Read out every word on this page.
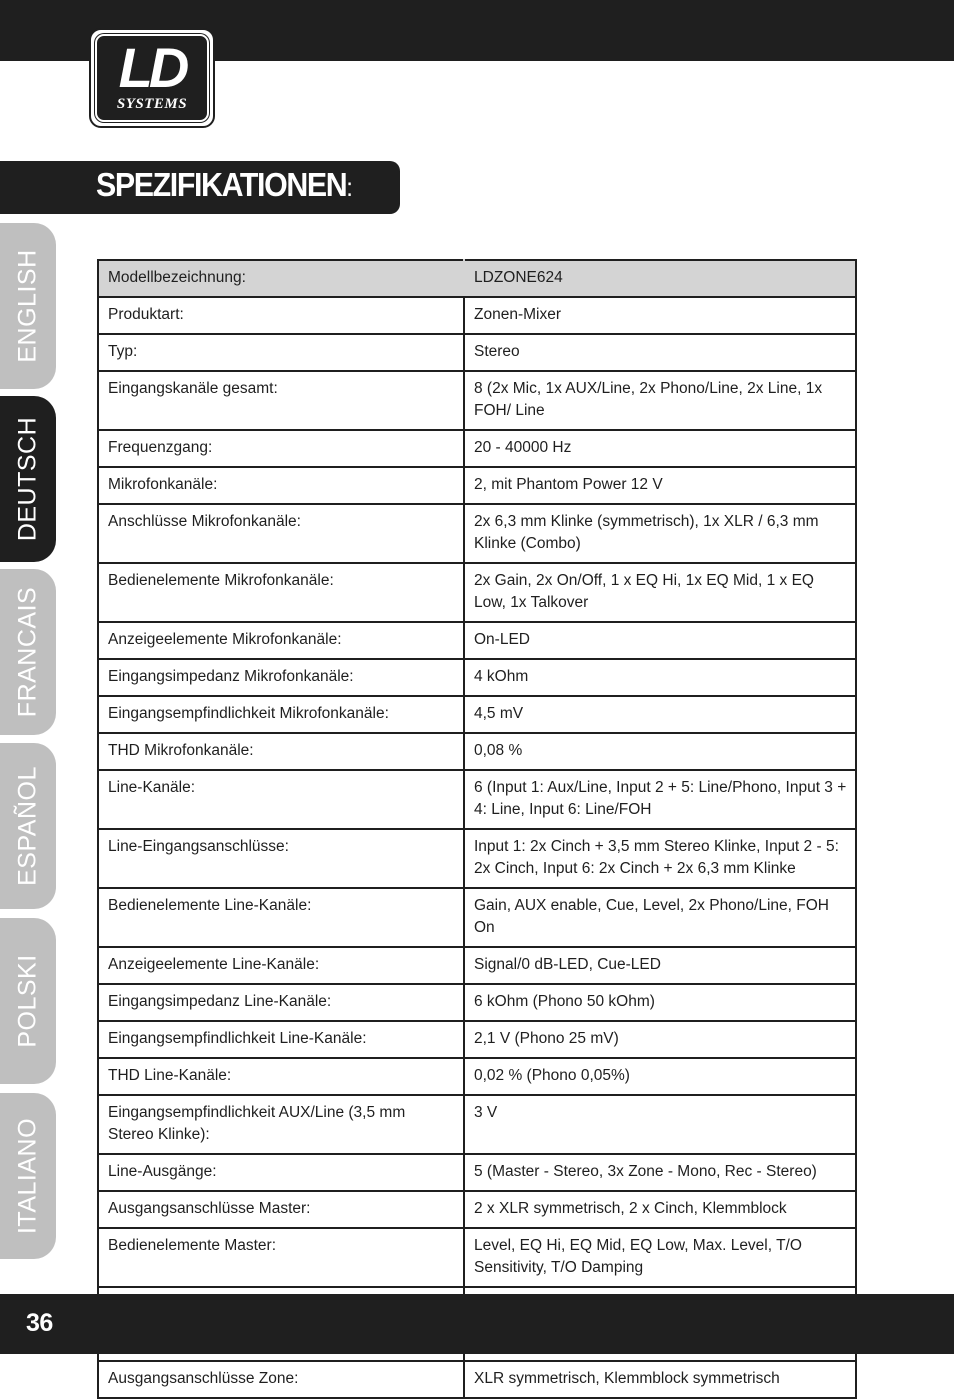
LD
SYSTEMS
SPEZIFIKATIONEN:
ENGLISH
DEUTSCH
FRANCAIS
ESPAÑOL
POLSKI
ITALIANO
Modellbezeichnung:	LDZONE624
Produktart:	Zonen-Mixer
Typ:	Stereo
Eingangskanäle gesamt:	8 (2x Mic, 1x AUX/Line, 2x Phono/Line, 2x Line, 1x FOH/ Line
Frequenzgang:	20 - 40000 Hz
Mikrofonkanäle:	2, mit Phantom Power 12 V
Anschlüsse Mikrofonkanäle:	2x 6,3 mm Klinke (symmetrisch), 1x XLR / 6,3 mm Klinke (Combo)
Bedienelemente Mikrofonkanäle:	2x Gain, 2x On/Off, 1 x EQ Hi, 1x EQ Mid, 1 x EQ Low, 1x Talkover
Anzeigeelemente Mikrofonkanäle:	On-LED
Eingangsimpedanz Mikrofonkanäle:	4 kOhm
Eingangsempfindlichkeit Mikrofonkanäle:	4,5 mV
THD Mikrofonkanäle:	0,08 %
Line-Kanäle:	6 (Input 1: Aux/Line, Input 2 + 5: Line/Phono, Input 3 + 4: Line, Input 6: Line/FOH
Line-Eingangsanschlüsse:	Input 1: 2x Cinch + 3,5 mm Stereo Klinke, Input 2 - 5: 2x Cinch, Input 6: 2x Cinch + 2x 6,3 mm Klinke
Bedienelemente Line-Kanäle:	Gain, AUX enable, Cue, Level, 2x Phono/Line, FOH On
Anzeigeelemente Line-Kanäle:	Signal/0 dB-LED, Cue-LED
Eingangsimpedanz Line-Kanäle:	6 kOhm (Phono 50 kOhm)
Eingangsempfindlichkeit Line-Kanäle:	2,1 V (Phono 25 mV)
THD Line-Kanäle:	0,02 % (Phono 0,05%)
Eingangsempfindlichkeit AUX/Line (3,5 mm Stereo Klinke):	3 V
Line-Ausgänge:	5 (Master - Stereo, 3x Zone - Mono, Rec - Stereo)
Ausgangsanschlüsse Master:	2 x XLR symmetrisch, 2 x Cinch, Klemmblock
Bedienelemente Master:	Level, EQ Hi, EQ Mid, EQ Low, Max. Level, T/O Sensitivity, T/O Damping

Ausgangsanschlüsse Zone:	XLR symmetrisch, Klemmblock symmetrisch
36
